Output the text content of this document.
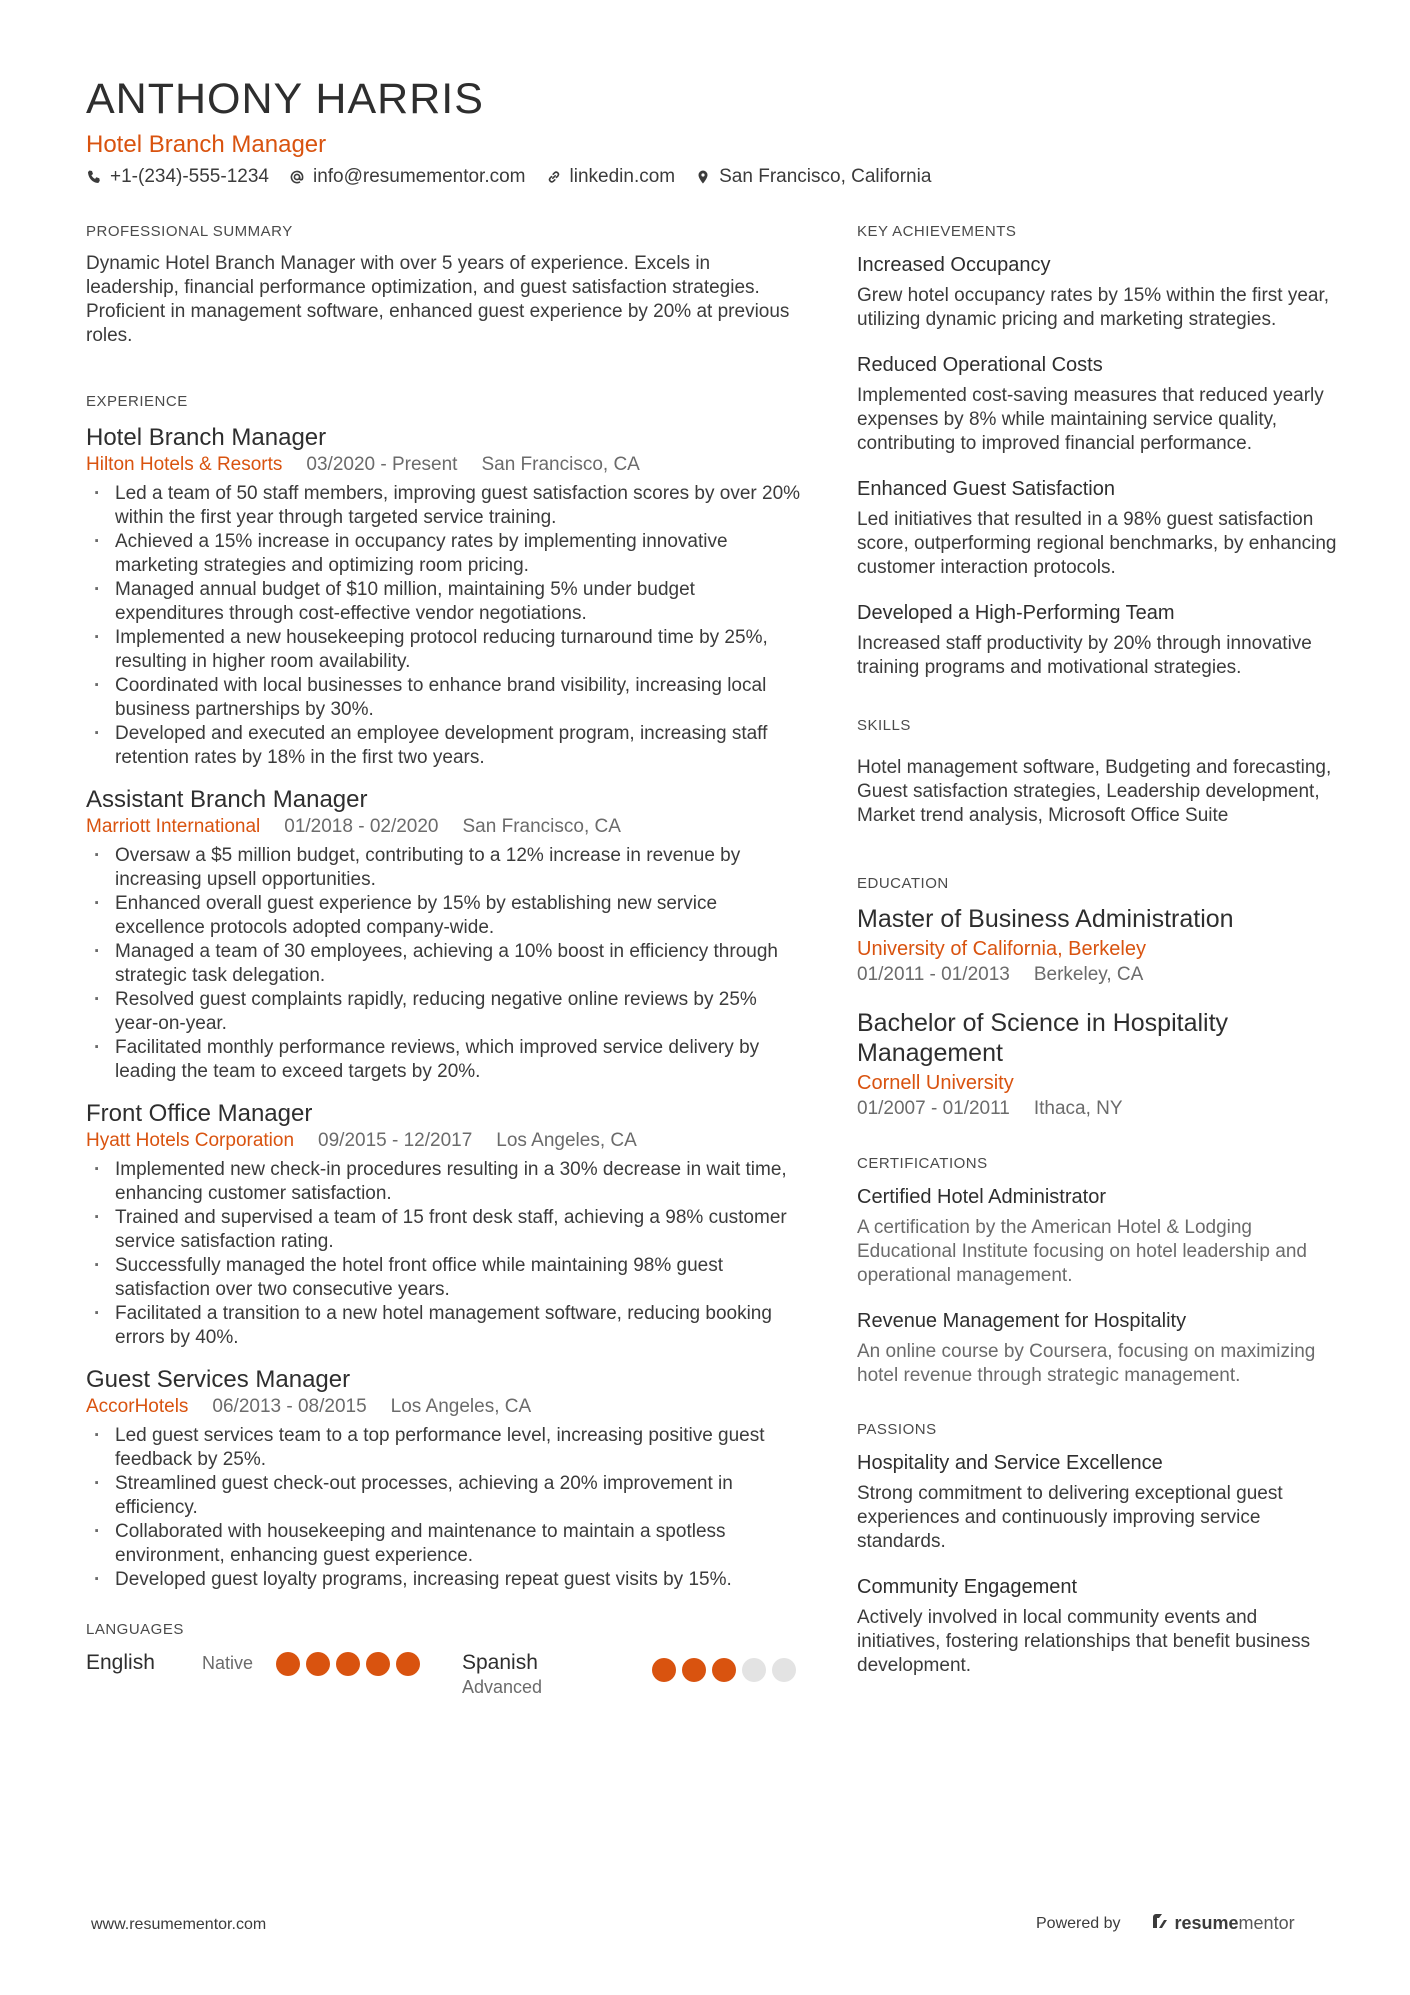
ANTHONY HARRIS
Hotel Branch Manager
+1-(234)-555-1234 info@resumementor.com linkedin.com San Francisco, California
PROFESSIONAL SUMMARY

Dynamic Hotel Branch Manager with over 5 years of experience. Excels in leadership, financial performance optimization, and guest satisfaction strategies. Proficient in management software, enhanced guest experience by 20% at previous roles.

EXPERIENCE
Hotel Branch Manager
Hilton Hotels & Resorts 03/2020 - Present San Francisco, CA
· Led a team of 50 staff members, improving guest satisfaction scores by over 20% within the first year through targeted service training.
· Achieved a 15% increase in occupancy rates by implementing innovative marketing strategies and optimizing room pricing.
· Managed annual budget of $10 million, maintaining 5% under budget expenditures through cost-effective vendor negotiations.
· Implemented a new housekeeping protocol reducing turnaround time by 25%, resulting in higher room availability.
· Coordinated with local businesses to enhance brand visibility, increasing local business partnerships by 30%.
· Developed and executed an employee development program, increasing staff retention rates by 18% in the first two years.
Assistant Branch Manager
Marriott International 01/2018 - 02/2020 San Francisco, CA
· Oversaw a $5 million budget, contributing to a 12% increase in revenue by increasing upsell opportunities.
· Enhanced overall guest experience by 15% by establishing new service excellence protocols adopted company-wide.
· Managed a team of 30 employees, achieving a 10% boost in efficiency through strategic task delegation.
· Resolved guest complaints rapidly, reducing negative online reviews by 25% year-on-year.
· Facilitated monthly performance reviews, which improved service delivery by leading the team to exceed targets by 20%.
Front Office Manager
Hyatt Hotels Corporation 09/2015 - 12/2017 Los Angeles, CA
· Implemented new check-in procedures resulting in a 30% decrease in wait time, enhancing customer satisfaction.
· Trained and supervised a team of 15 front desk staff, achieving a 98% customer service satisfaction rating.
· Successfully managed the hotel front office while maintaining 98% guest satisfaction over two consecutive years.
· Facilitated a transition to a new hotel management software, reducing booking errors by 40%.
Guest Services Manager
AccorHotels 06/2013 - 08/2015 Los Angeles, CA
· Led guest services team to a top performance level, increasing positive guest feedback by 25%.
· Streamlined guest check-out processes, achieving a 20% improvement in efficiency.
· Collaborated with housekeeping and maintenance to maintain a spotless environment, enhancing guest experience.
· Developed guest loyalty programs, increasing repeat guest visits by 15%.
LANGUAGES
English	Native	Spanish
Advanced
KEY ACHIEVEMENTS
Increased Occupancy

Grew hotel occupancy rates by 15% within the first year, utilizing dynamic pricing and marketing strategies.

Reduced Operational Costs

Implemented cost-saving measures that reduced yearly expenses by 8% while maintaining service quality, contributing to improved financial performance.

Enhanced Guest Satisfaction

Led initiatives that resulted in a 98% guest satisfaction score, outperforming regional benchmarks, by enhancing customer interaction protocols.

Developed a High-Performing Team

Increased staff productivity by 20% through innovative training programs and motivational strategies.

SKILLS

Hotel management software, Budgeting and forecasting, Guest satisfaction strategies, Leadership development, Market trend analysis, Microsoft Office Suite

EDUCATION
Master of Business Administration
University of California, Berkeley
01/2011 - 01/2013 Berkeley, CA
Bachelor of Science in Hospitality Management
Cornell University
01/2007 - 01/2011 Ithaca, NY
CERTIFICATIONS
Certified Hotel Administrator

A certification by the American Hotel & Lodging Educational Institute focusing on hotel leadership and operational management.

Revenue Management for Hospitality

An online course by Coursera, focusing on maximizing hotel revenue through strategic management.

PASSIONS
Hospitality and Service Excellence

Strong commitment to delivering exceptional guest experiences and continuously improving service standards.

Community Engagement

Actively involved in local community events and initiatives, fostering relationships that benefit business development.

www.resumementor.com	Powered by	resumementor
